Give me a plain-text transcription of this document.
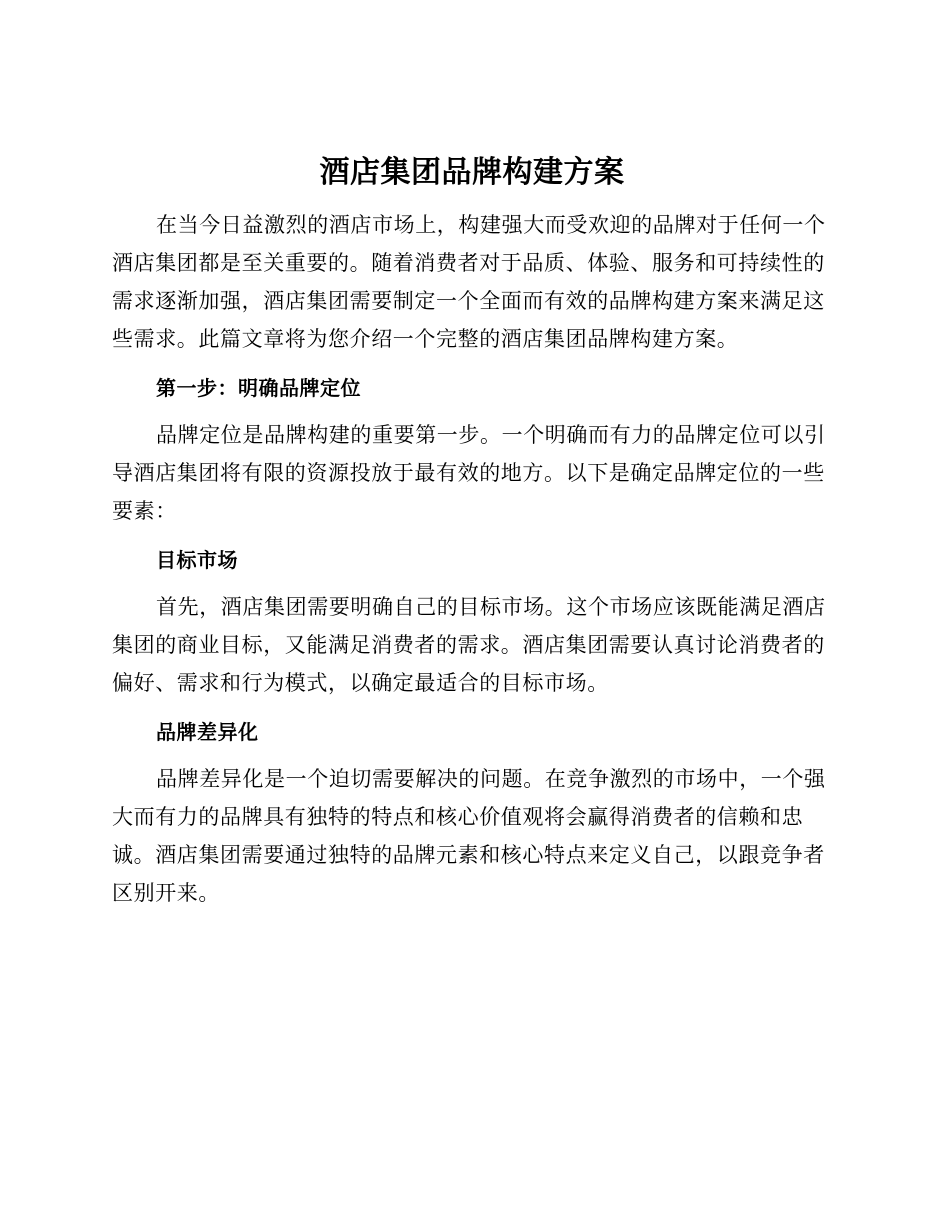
酒店集团品牌构建方案

在当今日益激烈的酒店市场上，构建强大而受欢迎的品牌对于任何一个酒店集团都是至关重要的。随着消费者对于品质、体验、服务和可持续性的需求逐渐加强，酒店集团需要制定一个全面而有效的品牌构建方案来满足这些需求。此篇文章将为您介绍一个完整的酒店集团品牌构建方案。

第一步：明确品牌定位

品牌定位是品牌构建的重要第一步。一个明确而有力的品牌定位可以引导酒店集团将有限的资源投放于最有效的地方。以下是确定品牌定位的一些要素：

目标市场

首先，酒店集团需要明确自己的目标市场。这个市场应该既能满足酒店集团的商业目标，又能满足消费者的需求。酒店集团需要认真讨论消费者的偏好、需求和行为模式，以确定最适合的目标市场。

品牌差异化

品牌差异化是一个迫切需要解决的问题。在竞争激烈的市场中，一个强大而有力的品牌具有独特的特点和核心价值观将会赢得消费者的信赖和忠诚。酒店集团需要通过独特的品牌元素和核心特点来定义自己，以跟竞争者区别开来。
